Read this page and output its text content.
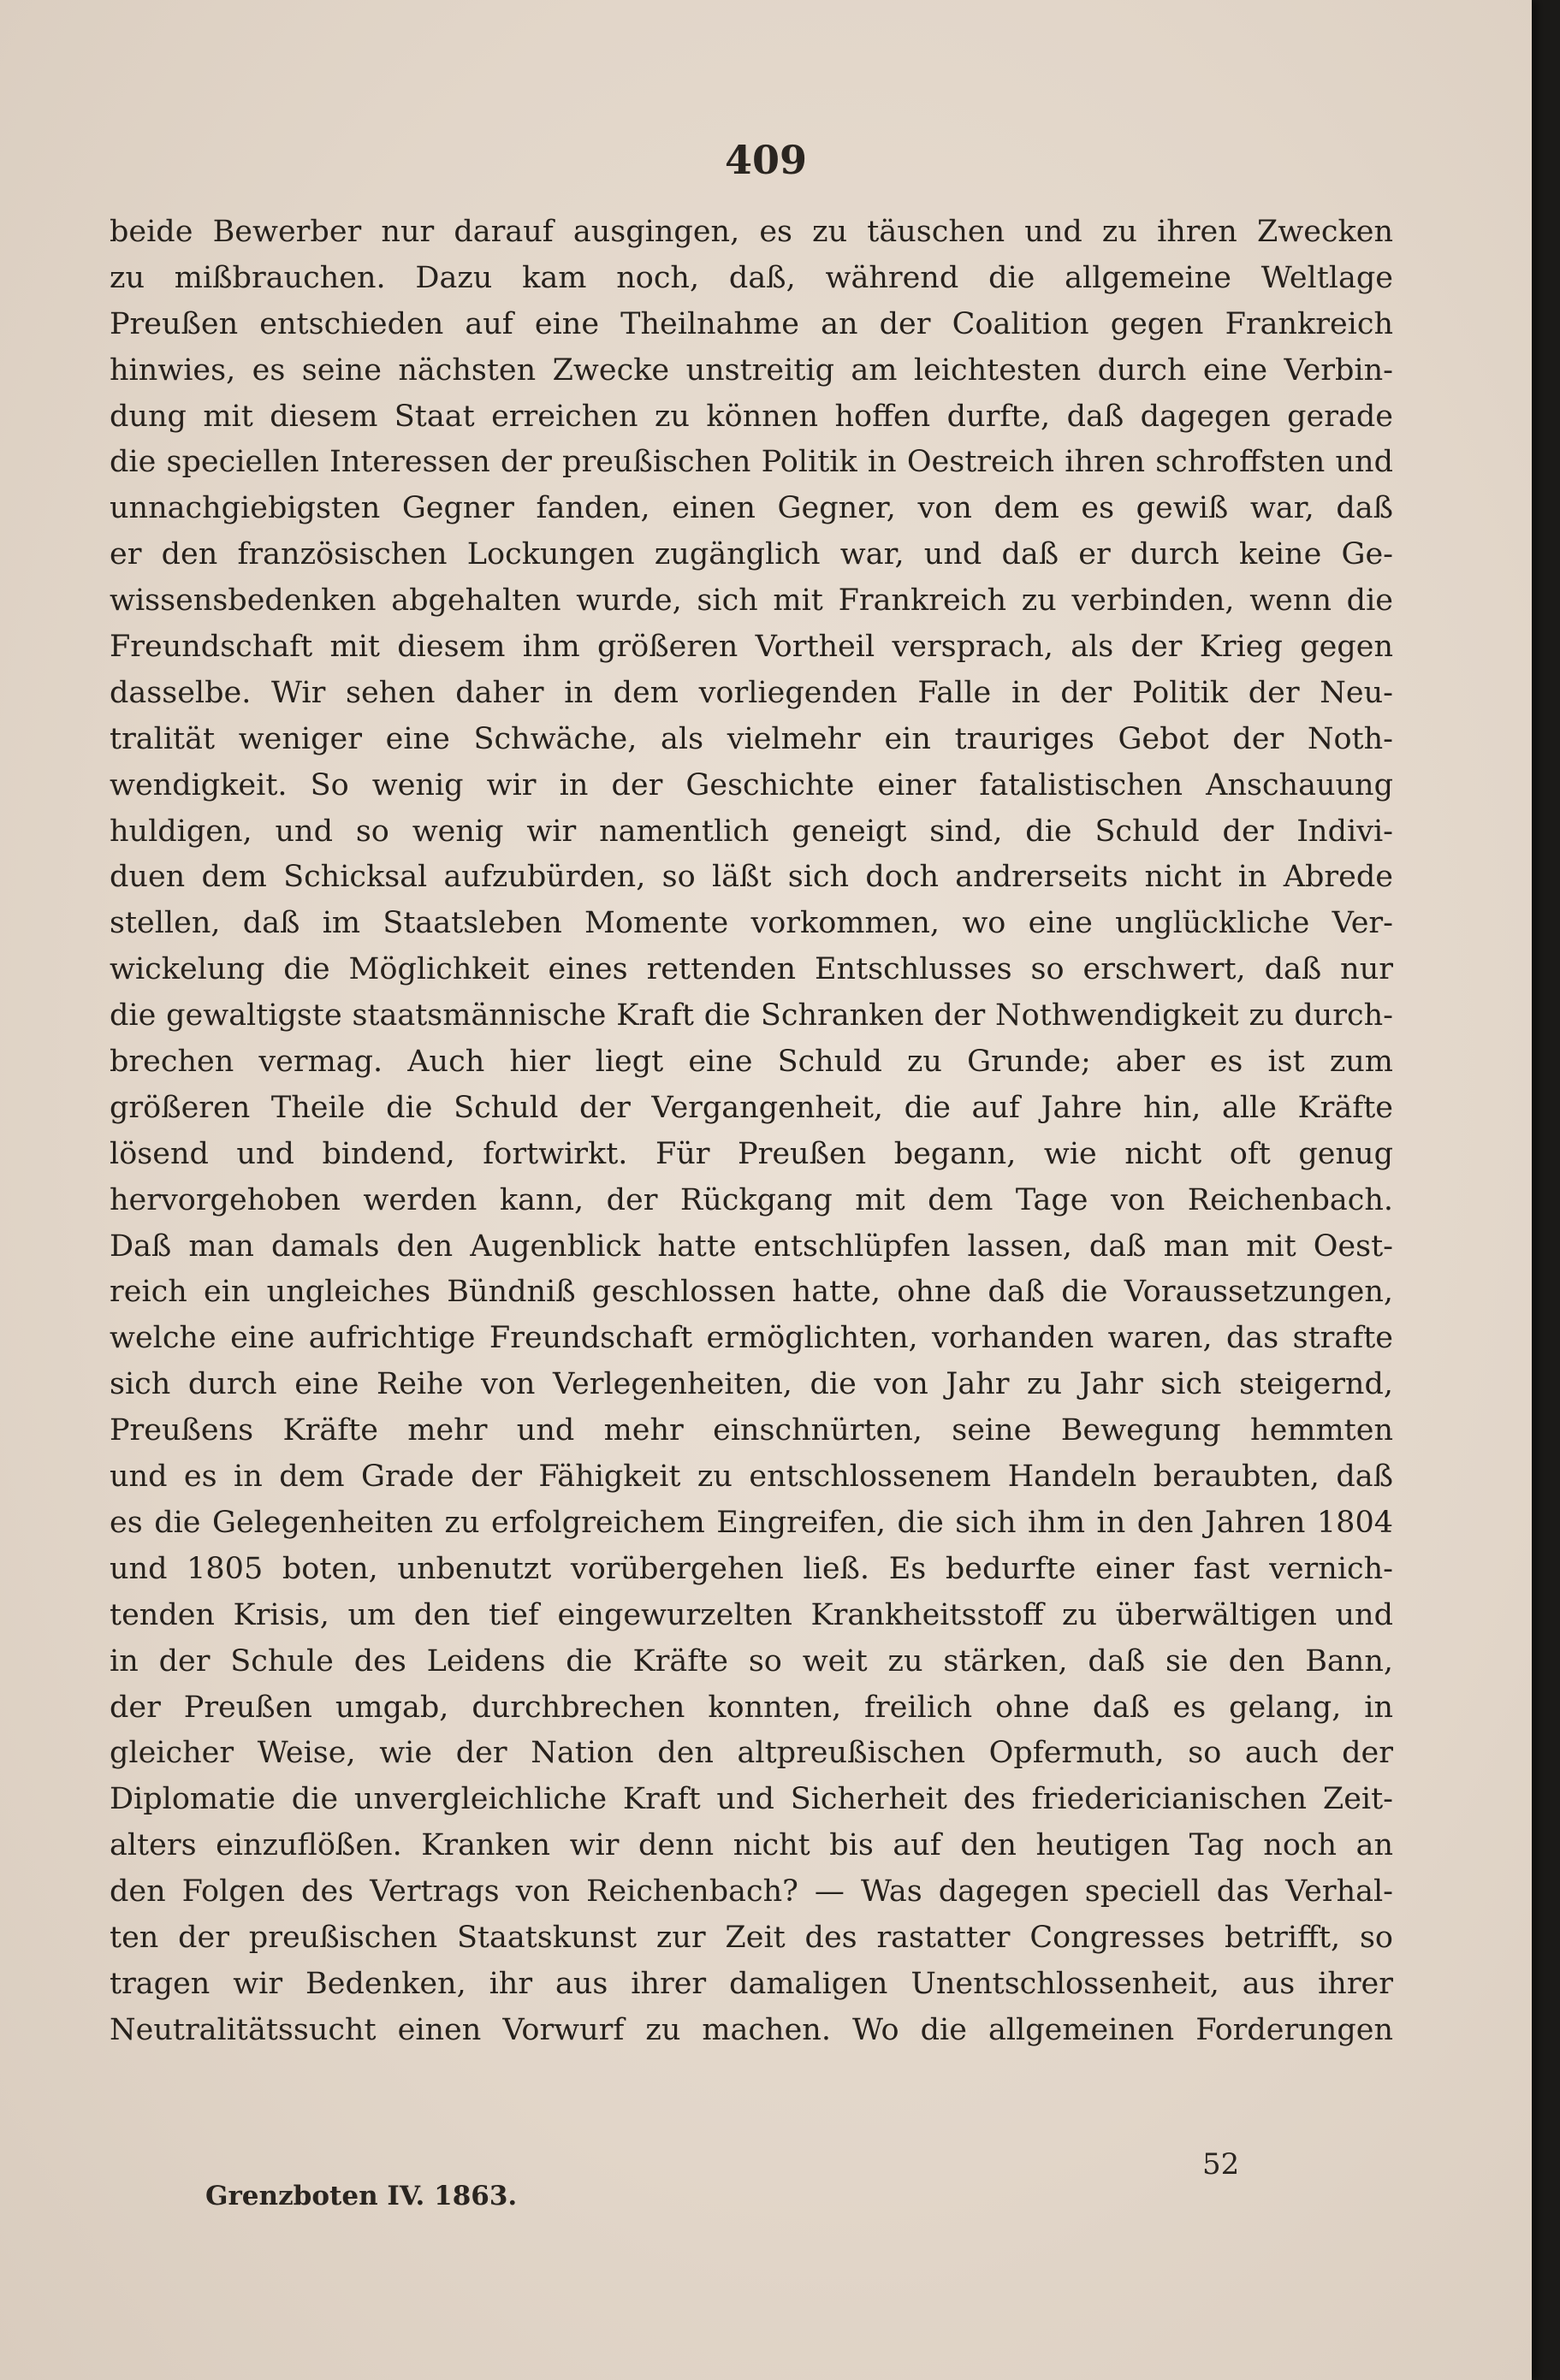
409
beide Bewerber nur darauf ausgingen, es zu täuschen und zu ihren Zwecken
zu mißbrauchen. Dazu kam noch, daß, während die allgemeine Weltlage
Preußen entschieden auf eine Theilnahme an der Coalition gegen Frankreich
hinwies, es seine nächsten Zwecke unstreitig am leichtesten durch eine Verbin-
dung mit diesem Staat erreichen zu können hoffen durfte, daß dagegen gerade
die speciellen Interessen der preußischen Politik in Oestreich ihren schroffsten und
unnachgiebigsten Gegner fanden, einen Gegner, von dem es gewiß war, daß
er den französischen Lockungen zugänglich war, und daß er durch keine Ge-
wissensbedenken abgehalten wurde, sich mit Frankreich zu verbinden, wenn die
Freundschaft mit diesem ihm größeren Vortheil versprach, als der Krieg gegen
dasselbe. Wir sehen daher in dem vorliegenden Falle in der Politik der Neu-
tralität weniger eine Schwäche, als vielmehr ein trauriges Gebot der Noth-
wendigkeit. So wenig wir in der Geschichte einer fatalistischen Anschauung
huldigen, und so wenig wir namentlich geneigt sind, die Schuld der Indivi-
duen dem Schicksal aufzubürden, so läßt sich doch andrerseits nicht in Abrede
stellen, daß im Staatsleben Momente vorkommen, wo eine unglückliche Ver-
wickelung die Möglichkeit eines rettenden Entschlusses so erschwert, daß nur
die gewaltigste staatsmännische Kraft die Schranken der Nothwendigkeit zu durch-
brechen vermag. Auch hier liegt eine Schuld zu Grunde; aber es ist zum
größeren Theile die Schuld der Vergangenheit, die auf Jahre hin, alle Kräfte
lösend und bindend, fortwirkt. Für Preußen begann, wie nicht oft genug
hervorgehoben werden kann, der Rückgang mit dem Tage von Reichenbach.
Daß man damals den Augenblick hatte entschlüpfen lassen, daß man mit Oest-
reich ein ungleiches Bündniß geschlossen hatte, ohne daß die Voraussetzungen,
welche eine aufrichtige Freundschaft ermöglichten, vorhanden waren, das strafte
sich durch eine Reihe von Verlegenheiten, die von Jahr zu Jahr sich steigernd,
Preußens Kräfte mehr und mehr einschnürten, seine Bewegung hemmten
und es in dem Grade der Fähigkeit zu entschlossenem Handeln beraubten, daß
es die Gelegenheiten zu erfolgreichem Eingreifen, die sich ihm in den Jahren 1804
und 1805 boten, unbenutzt vorübergehen ließ. Es bedurfte einer fast vernich-
tenden Krisis, um den tief eingewurzelten Krankheitsstoff zu überwältigen und
in der Schule des Leidens die Kräfte so weit zu stärken, daß sie den Bann,
der Preußen umgab, durchbrechen konnten, freilich ohne daß es gelang, in
gleicher Weise, wie der Nation den altpreußischen Opfermuth, so auch der
Diplomatie die unvergleichliche Kraft und Sicherheit des friedericianischen Zeit-
alters einzuflößen. Kranken wir denn nicht bis auf den heutigen Tag noch an
den Folgen des Vertrags von Reichenbach? — Was dagegen speciell das Verhal-
ten der preußischen Staatskunst zur Zeit des rastatter Congresses betrifft, so
tragen wir Bedenken, ihr aus ihrer damaligen Unentschlossenheit, aus ihrer
Neutralitätssucht einen Vorwurf zu machen. Wo die allgemeinen Forderungen
52
Grenzboten IV. 1863.
